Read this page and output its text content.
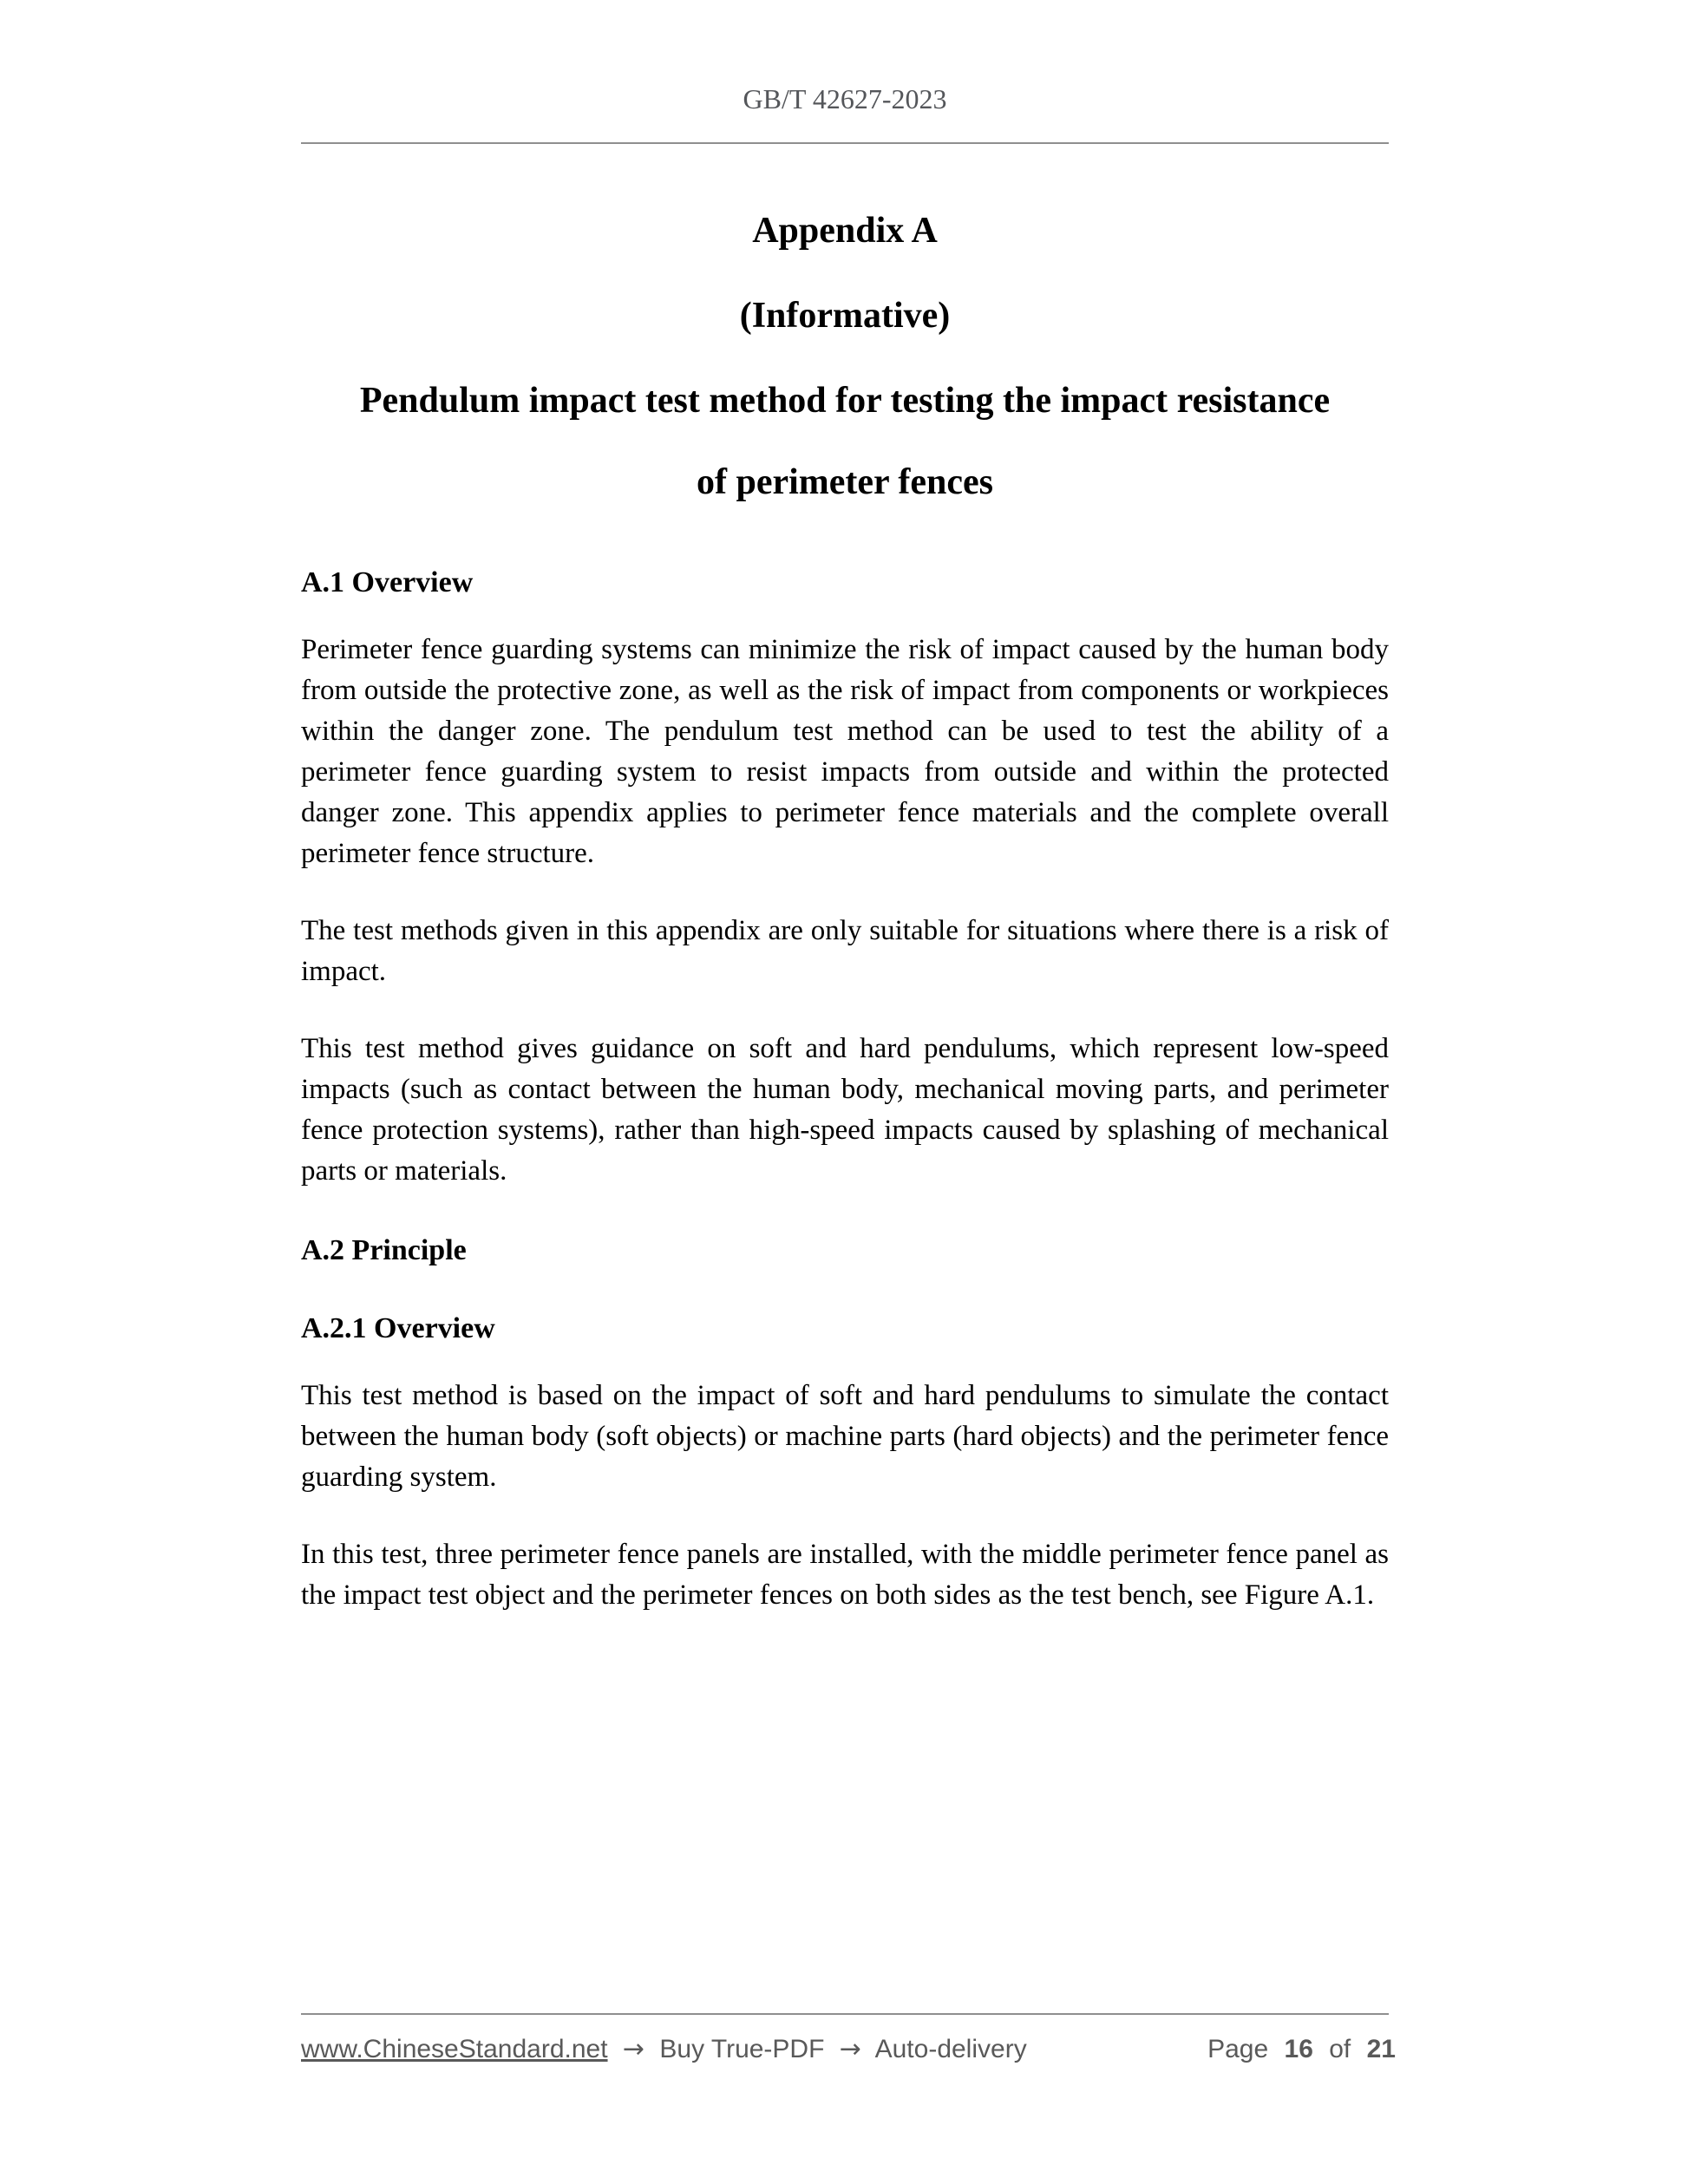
GB/T 42627-2023
Appendix A
(Informative)
Pendulum impact test method for testing the impact resistance
of perimeter fences
A.1 Overview

Perimeter fence guarding systems can minimize the risk of impact caused by the human body from outside the protective zone, as well as the risk of impact from components or workpieces within the danger zone. The pendulum test method can be used to test the ability of a perimeter fence guarding system to resist impacts from outside and within the protected danger zone. This appendix applies to perimeter fence materials and the complete overall perimeter fence structure.

The test methods given in this appendix are only suitable for situations where there is a risk of impact.

This test method gives guidance on soft and hard pendulums, which represent low-speed impacts (such as contact between the human body, mechanical moving parts, and perimeter fence protection systems), rather than high-speed impacts caused by splashing of mechanical parts or materials.

A.2 Principle
A.2.1 Overview

This test method is based on the impact of soft and hard pendulums to simulate the contact between the human body (soft objects) or machine parts (hard objects) and the perimeter fence guarding system.

In this test, three perimeter fence panels are installed, with the middle perimeter fence panel as the impact test object and the perimeter fences on both sides as the test bench, see Figure A.1.

www.ChineseStandard.net → Buy True-PDF → Auto-delivery	Page 16 of 21
